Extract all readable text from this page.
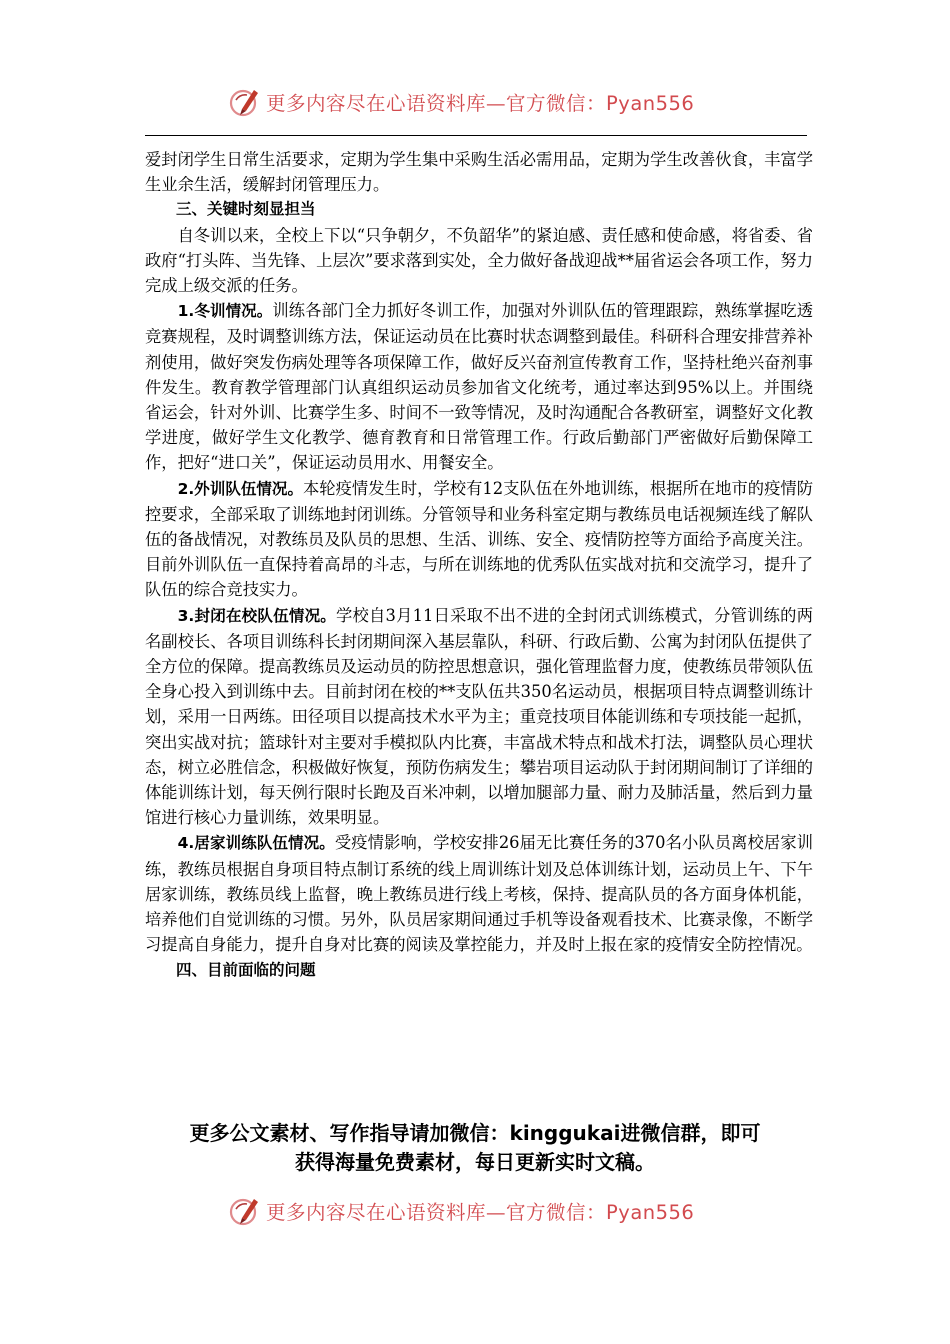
更多内容尽在心语资料库—官方微信：Pyan556

爱封闭学生日常生活要求，定期为学生集中采购生活必需用品，定期为学生改善伙食，丰富学生业余生活，缓解封闭管理压力。

三、关键时刻显担当

自冬训以来，全校上下以“只争朝夕，不负韶华”的紧迫感、责任感和使命感，将省委、省政府“打头阵、当先锋、上层次”要求落到实处，全力做好备战迎战**届省运会各项工作，努力完成上级交派的任务。

1.冬训情况。训练各部门全力抓好冬训工作，加强对外训队伍的管理跟踪，熟练掌握吃透竞赛规程，及时调整训练方法，保证运动员在比赛时状态调整到最佳。科研科合理安排营养补剂使用，做好突发伤病处理等各项保障工作，做好反兴奋剂宣传教育工作，坚持杜绝兴奋剂事件发生。教育教学管理部门认真组织运动员参加省文化统考，通过率达到95%以上。并围绕省运会，针对外训、比赛学生多、时间不一致等情况，及时沟通配合各教研室，调整好文化教学进度，做好学生文化教学、德育教育和日常管理工作。行政后勤部门严密做好后勤保障工作，把好“进口关”，保证运动员用水、用餐安全。

2.外训队伍情况。本轮疫情发生时，学校有12支队伍在外地训练，根据所在地市的疫情防控要求，全部采取了训练地封闭训练。分管领导和业务科室定期与教练员电话视频连线了解队伍的备战情况，对教练员及队员的思想、生活、训练、安全、疫情防控等方面给予高度关注。目前外训队伍一直保持着高昂的斗志，与所在训练地的优秀队伍实战对抗和交流学习，提升了队伍的综合竞技实力。

3.封闭在校队伍情况。学校自3月11日采取不出不进的全封闭式训练模式，分管训练的两名副校长、各项目训练科长封闭期间深入基层靠队，科研、行政后勤、公寓为封闭队伍提供了全方位的保障。提高教练员及运动员的防控思想意识，强化管理监督力度，使教练员带领队伍全身心投入到训练中去。目前封闭在校的**支队伍共350名运动员，根据项目特点调整训练计划，采用一日两练。田径项目以提高技术水平为主；重竞技项目体能训练和专项技能一起抓，突出实战对抗；篮球针对主要对手模拟队内比赛，丰富战术特点和战术打法，调整队员心理状态，树立必胜信念，积极做好恢复，预防伤病发生；攀岩项目运动队于封闭期间制订了详细的体能训练计划，每天例行限时长跑及百米冲刺，以增加腿部力量、耐力及肺活量，然后到力量馆进行核心力量训练，效果明显。

4.居家训练队伍情况。受疫情影响，学校安排26届无比赛任务的370名小队员离校居家训练，教练员根据自身项目特点制订系统的线上周训练计划及总体训练计划，运动员上午、下午居家训练，教练员线上监督，晚上教练员进行线上考核，保持、提高队员的各方面身体机能，培养他们自觉训练的习惯。另外，队员居家期间通过手机等设备观看技术、比赛录像，不断学习提高自身能力，提升自身对比赛的阅读及掌控能力，并及时上报在家的疫情安全防控情况。

四、目前面临的问题

更多公文素材、写作指导请加微信：kinggukai进微信群，即可
获得海量免费素材，每日更新实时文稿。
更多内容尽在心语资料库—官方微信：Pyan556
